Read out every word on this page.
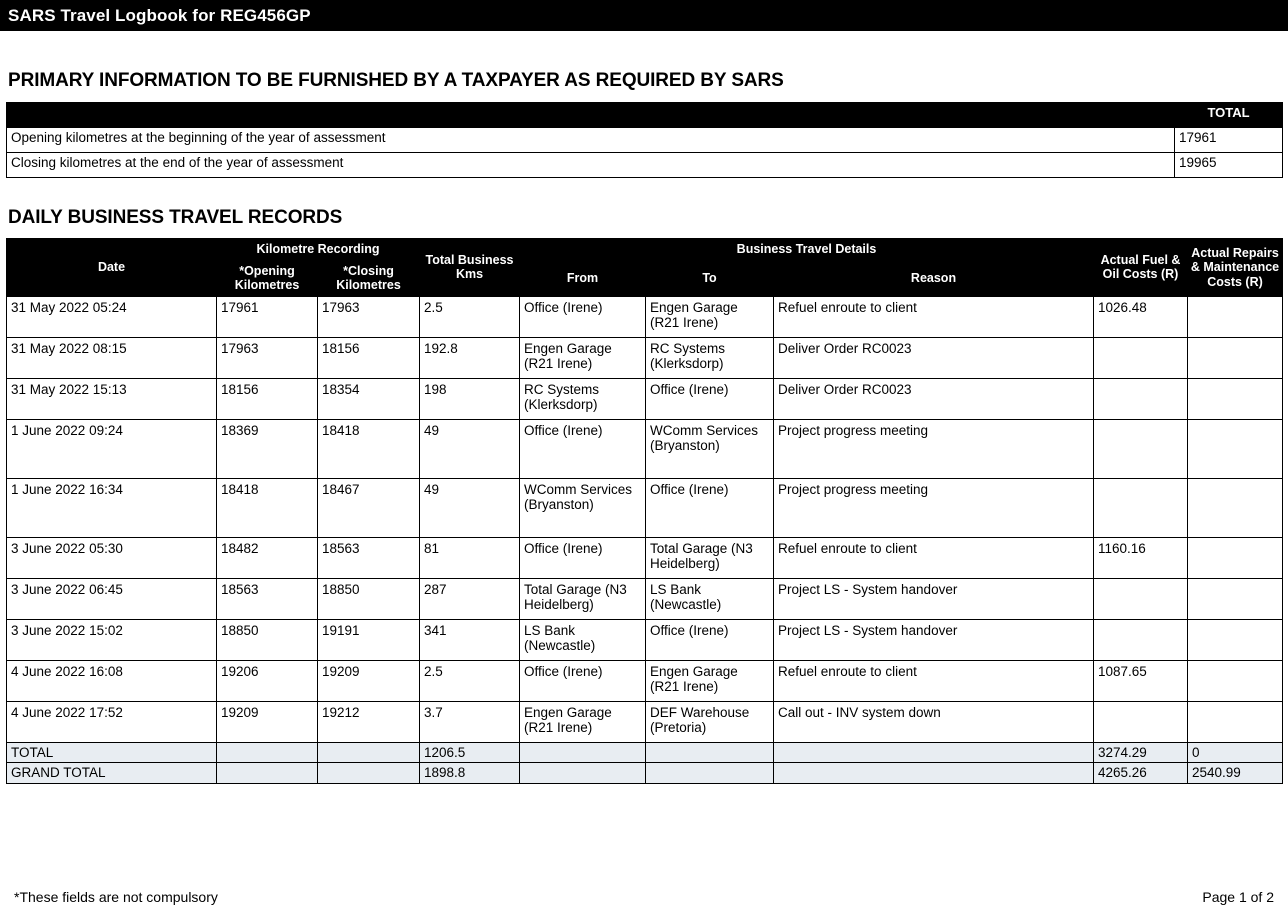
SARS Travel Logbook for REG456GP
PRIMARY INFORMATION TO BE FURNISHED BY A TAXPAYER AS REQUIRED BY SARS
	TOTAL
Opening kilometres at the beginning of the year of assessment	17961
Closing kilometres at the end of the year of assessment	19965
DAILY BUSINESS TRAVEL RECORDS
Date	Kilometre Recording		Total Business Kms	Business Travel Details			Actual Fuel & Oil Costs (R)	Actual Repairs & Maintenance Costs (R)
	*Opening Kilometres	*Closing Kilometres		From	To	Reason		
31 May 2022 05:24	17961	17963	2.5	Office (Irene)	Engen Garage (R21 Irene)	Refuel enroute to client	1026.48	
31 May 2022 08:15	17963	18156	192.8	Engen Garage (R21 Irene)	RC Systems (Klerksdorp)	Deliver Order RC0023		
31 May 2022 15:13	18156	18354	198	RC Systems (Klerksdorp)	Office (Irene)	Deliver Order RC0023		
1 June 2022 09:24	18369	18418	49	Office (Irene)	WComm Services (Bryanston)	Project progress meeting		
1 June 2022 16:34	18418	18467	49	WComm Services (Bryanston)	Office (Irene)	Project progress meeting		
3 June 2022 05:30	18482	18563	81	Office (Irene)	Total Garage (N3 Heidelberg)	Refuel enroute to client	1160.16	
3 June 2022 06:45	18563	18850	287	Total Garage (N3 Heidelberg)	LS Bank (Newcastle)	Project LS - System handover		
3 June 2022 15:02	18850	19191	341	LS Bank (Newcastle)	Office (Irene)	Project LS - System handover		
4 June 2022 16:08	19206	19209	2.5	Office (Irene)	Engen Garage (R21 Irene)	Refuel enroute to client	1087.65	
4 June 2022 17:52	19209	19212	3.7	Engen Garage (R21 Irene)	DEF Warehouse (Pretoria)	Call out - INV system down		
TOTAL			1206.5				3274.29	0
GRAND TOTAL			1898.8				4265.26	2540.99
*These fields are not compulsory	Page 1 of 2
